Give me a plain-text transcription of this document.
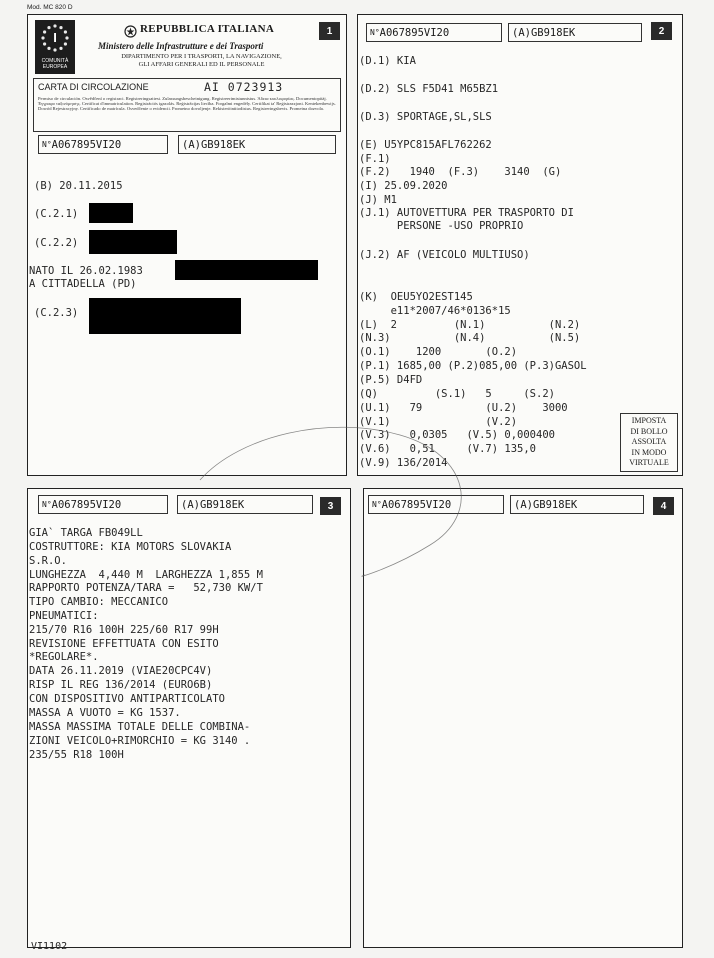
Mod. MC 820 D
I
COMUNITÀ
EUROPEA
REPUBBLICA ITALIANA
Ministero delle Infrastrutture e dei Trasporti
DIPARTIMENTO PER I TRASPORTI, LA NAVIGAZIONE,
GLI AFFARI GENERALI ED IL PERSONALE
1
CARTA DI CIRCOLAZIONE	AI 0723913
Permiso de circulación. Osvědčení o registraci. Registreringsattest. Zulassungsbescheinigung. Registreerimistunnistus. Άδεια κυκλοφορίας. Documentopitäj. Έγγραφο ταξινόμησης. Certificat d'immatriculation. Registrációs igazolás. Reģistrācijas liecība. Forgalmi engedély. Certifikat ta' Reġistrazzjoni. Kentekenbewijs. Dowód Rejestracyjny. Certificado de matrícula. Osvedčenie o evidencii. Prometno dovoljenje. Rekisteröintitodistus. Registreringsbevis. Promeina dozvola.
N° A067895VI20	(A) GB918EK
(B) 20.11.2015
(C.2.1)
(C.2.2)
NATO IL 26.02.1983
A CITTADELLA (PD)
(C.2.3)
N° A067895VI20	(A) GB918EK	2
(D.1) KIA
(D.2) SLS F5D41 M65BZ1
(D.3) SPORTAGE,SL,SLS
(E) U5YPC815AFL762262
(F.1)
(F.2)   1940  (F.3)    3140  (G)
(I) 25.09.2020
(J) M1
(J.1) AUTOVETTURA PER TRASPORTO DI
PERSONE -USO PROPRIO
(J.2) AF (VEICOLO MULTIUSO)
(K)  OEU5YO2EST145
e11*2007/46*0136*15
(L)  2         (N.1)          (N.2)
(N.3)          (N.4)          (N.5)
(O.1)    1200       (O.2)
(P.1) 1685,00 (P.2)085,00 (P.3)GASOL
(P.5) D4FD
(Q)         (S.1)   5     (S.2)
(U.1)   79          (U.2)    3000
(V.1)               (V.2)
(V.3)   0,0305   (V.5) 0,000400
(V.6)   0,51     (V.7) 135,0
(V.9) 136/2014
IMPOSTA
DI BOLLO
ASSOLTA
IN MODO
VIRTUALE
N° A067895VI20	(A) GB918EK	3
GIA` TARGA FB049LL
COSTRUTTORE: KIA MOTORS SLOVAKIA
S.R.O.
LUNGHEZZA  4,440 M  LARGHEZZA 1,855 M
RAPPORTO POTENZA/TARA =   52,730 KW/T
TIPO CAMBIO: MECCANICO
PNEUMATICI:
215/70 R16 100H 225/60 R17 99H
REVISIONE EFFETTUATA CON ESITO
*REGOLARE*.
DATA 26.11.2019 (VIAE20CPC4V)
RISP IL REG 136/2014 (EURO6B)
CON DISPOSITIVO ANTIPARTICOLATO
MASSA A VUOTO = KG 1537.
MASSA MASSIMA TOTALE DELLE COMBINA-
ZIONI VEICOLO+RIMORCHIO = KG 3140 .
235/55 R18 100H
N° A067895VI20	(A) GB918EK	4
VI1102
